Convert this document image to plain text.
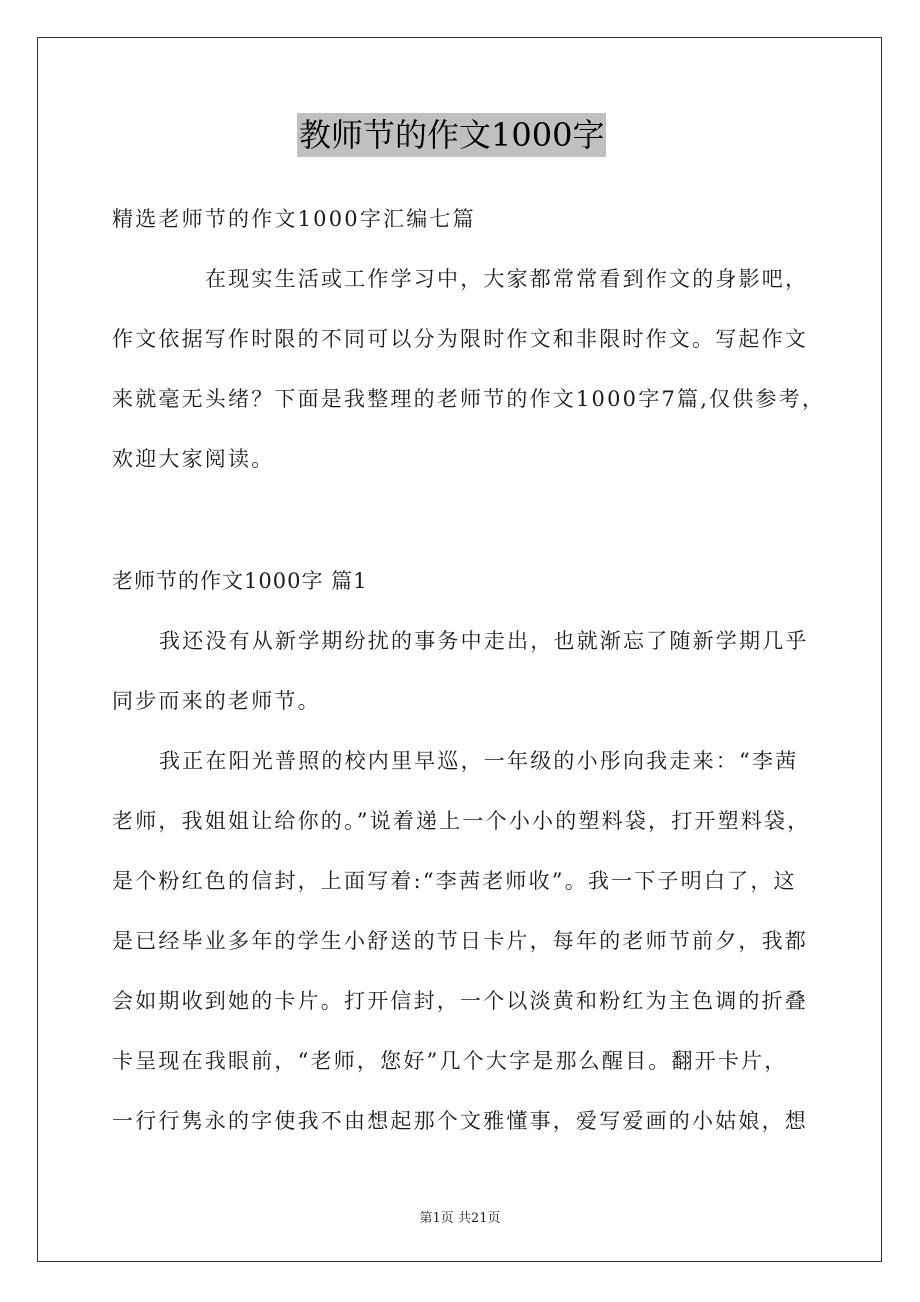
教师节的作文1000字
精选老师节的作文1000字汇编七篇
在现实生活或工作学习中，大家都常常看到作文的身影吧，
作文依据写作时限的不同可以分为限时作文和非限时作文。写起作文
来就毫无头绪？下面是我整理的老师节的作文1000字7篇,仅供参考，
欢迎大家阅读。
老师节的作文1000字 篇1
我还没有从新学期纷扰的事务中走出，也就渐忘了随新学期几乎
同步而来的老师节。
我正在阳光普照的校内里早巡，一年级的小彤向我走来：“李茜
老师，我姐姐让给你的。”说着递上一个小小的塑料袋，打开塑料袋，
是个粉红色的信封，上面写着:“李茜老师收”。我一下子明白了，这
是已经毕业多年的学生小舒送的节日卡片，每年的老师节前夕，我都
会如期收到她的卡片。打开信封，一个以淡黄和粉红为主色调的折叠
卡呈现在我眼前，“老师，您好”几个大字是那么醒目。翻开卡片，
一行行隽永的字使我不由想起那个文雅懂事，爱写爱画的小姑娘，想
第1页 共21页
